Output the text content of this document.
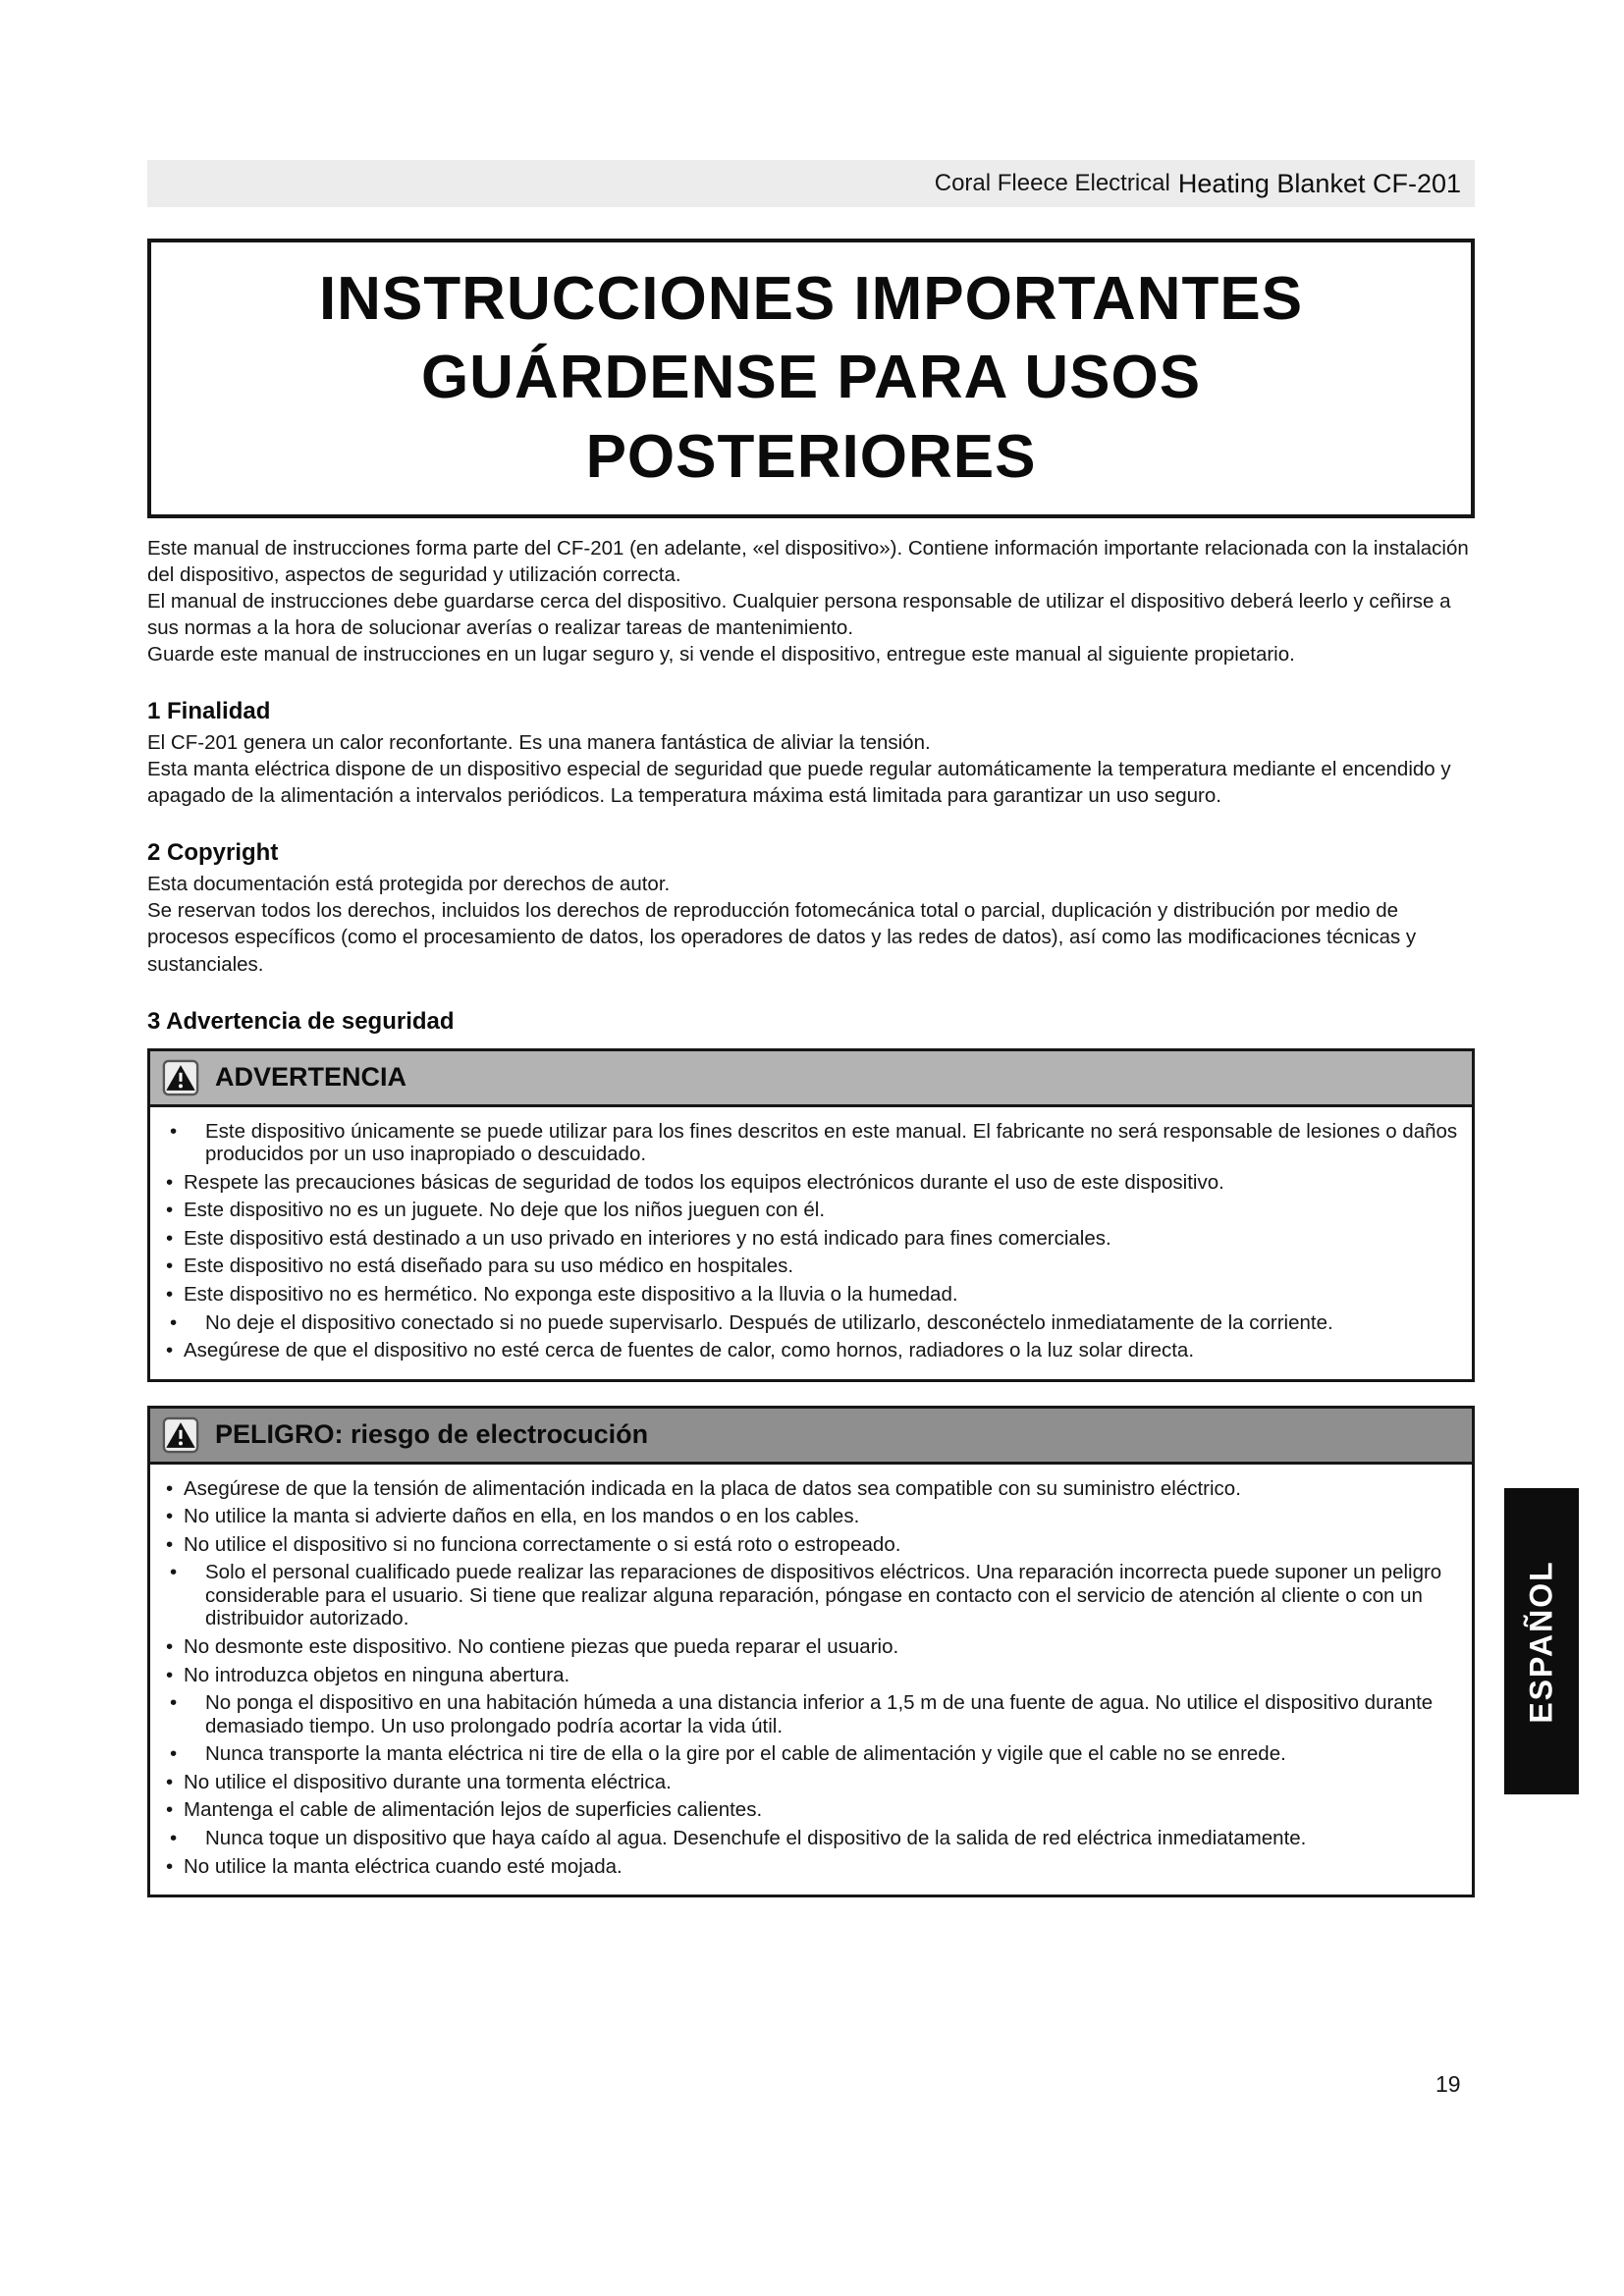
Coral Fleece Electrical Heating Blanket CF-201
INSTRUCCIONES IMPORTANTES
GUÁRDENSE PARA USOS
POSTERIORES

Este manual de instrucciones forma parte del CF-201 (en adelante, «el dispositivo»). Contiene información importante relacionada con la instalación del dispositivo, aspectos de seguridad y utilización correcta.

El manual de instrucciones debe guardarse cerca del dispositivo. Cualquier persona responsable de utilizar el dispositivo deberá leerlo y ceñirse a sus normas a la hora de solucionar averías o realizar tareas de mantenimiento.

Guarde este manual de instrucciones en un lugar seguro y, si vende el dispositivo, entregue este manual al siguiente propietario.

1 Finalidad

El CF-201 genera un calor reconfortante. Es una manera fantástica de aliviar la tensión.

Esta manta eléctrica dispone de un dispositivo especial de seguridad que puede regular automáticamente la temperatura mediante el encendido y apagado de la alimentación a intervalos periódicos. La temperatura máxima está limitada para garantizar un uso seguro.

2 Copyright

Esta documentación está protegida por derechos de autor.

Se reservan todos los derechos, incluidos los derechos de reproducción fotomecánica total o parcial, duplicación y distribución por medio de procesos específicos (como el procesamiento de datos, los operadores de datos y las redes de datos), así como las modificaciones técnicas y sustanciales.

3 Advertencia de seguridad
ADVERTENCIA
• Este dispositivo únicamente se puede utilizar para los fines descritos en este manual. El fabricante no será responsable de lesiones o daños producidos por un uso inapropiado o descuidado.
• Respete las precauciones básicas de seguridad de todos los equipos electrónicos durante el uso de este dispositivo.
• Este dispositivo no es un juguete. No deje que los niños jueguen con él.
• Este dispositivo está destinado a un uso privado en interiores y no está indicado para fines comerciales.
• Este dispositivo no está diseñado para su uso médico en hospitales.
• Este dispositivo no es hermético. No exponga este dispositivo a la lluvia o la humedad.
• No deje el dispositivo conectado si no puede supervisarlo. Después de utilizarlo, desconéctelo inmediatamente de la corriente.
• Asegúrese de que el dispositivo no esté cerca de fuentes de calor, como hornos, radiadores o la luz solar directa.
PELIGRO: riesgo de electrocución
• Asegúrese de que la tensión de alimentación indicada en la placa de datos sea compatible con su suministro eléctrico.
• No utilice la manta si advierte daños en ella, en los mandos o en los cables.
• No utilice el dispositivo si no funciona correctamente o si está roto o estropeado.
• Solo el personal cualificado puede realizar las reparaciones de dispositivos eléctricos. Una reparación incorrecta puede suponer un peligro considerable para el usuario. Si tiene que realizar alguna reparación, póngase en contacto con el servicio de atención al cliente o con un distribuidor autorizado.
• No desmonte este dispositivo. No contiene piezas que pueda reparar el usuario.
• No introduzca objetos en ninguna abertura.
• No ponga el dispositivo en una habitación húmeda a una distancia inferior a 1,5 m de una fuente de agua. No utilice el dispositivo durante demasiado tiempo. Un uso prolongado podría acortar la vida útil.
• Nunca transporte la manta eléctrica ni tire de ella o la gire por el cable de alimentación y vigile que el cable no se enrede.
• No utilice el dispositivo durante una tormenta eléctrica.
• Mantenga el cable de alimentación lejos de superficies calientes.
• Nunca toque un dispositivo que haya caído al agua. Desenchufe el dispositivo de la salida de red eléctrica inmediatamente.
• No utilice la manta eléctrica cuando esté mojada.
ESPAÑOL
19
